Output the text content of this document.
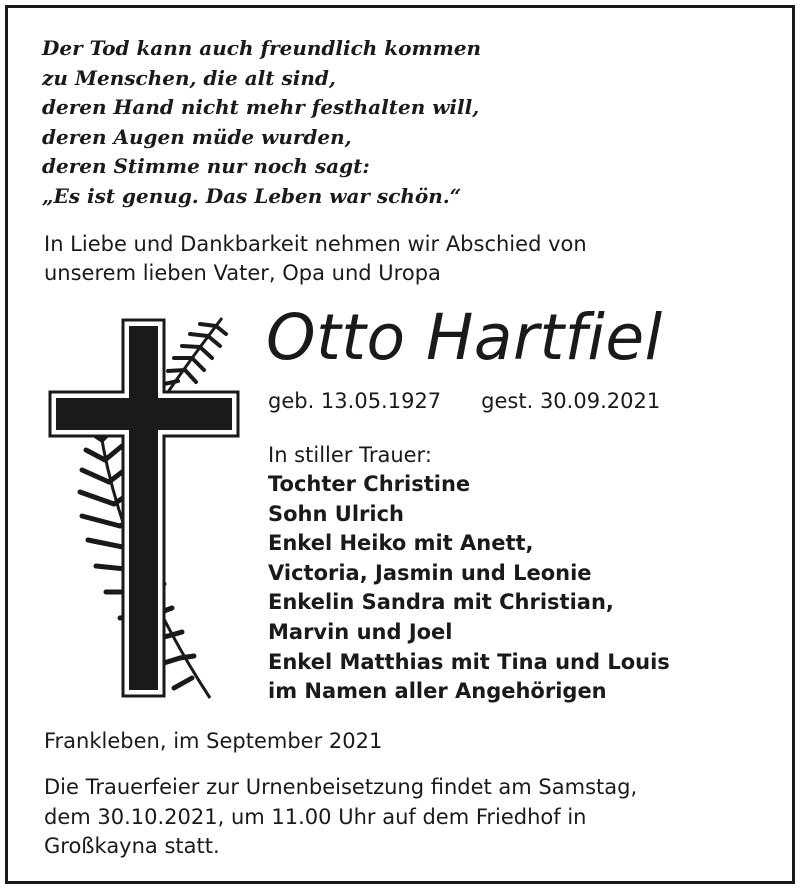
Der Tod kann auch freundlich kommen
zu Menschen, die alt sind,
deren Hand nicht mehr festhalten will,
deren Augen müde wurden,
deren Stimme nur noch sagt:
„Es ist genug. Das Leben war schön.“
In Liebe und Dankbarkeit nehmen wir Abschied von
unserem lieben Vater, Opa und Uropa
Otto Hartfiel
geb. 13.05.1927 gest. 30.09.2021
In stiller Trauer:
Tochter Christine
Sohn Ulrich
Enkel Heiko mit Anett,
Victoria, Jasmin und Leonie
Enkelin Sandra mit Christian,
Marvin und Joel
Enkel Matthias mit Tina und Louis
im Namen aller Angehörigen
Frankleben, im September 2021
Die Trauerfeier zur Urnenbeisetzung findet am Samstag,
dem 30.10.2021, um 11.00 Uhr auf dem Friedhof in
Großkayna statt.
